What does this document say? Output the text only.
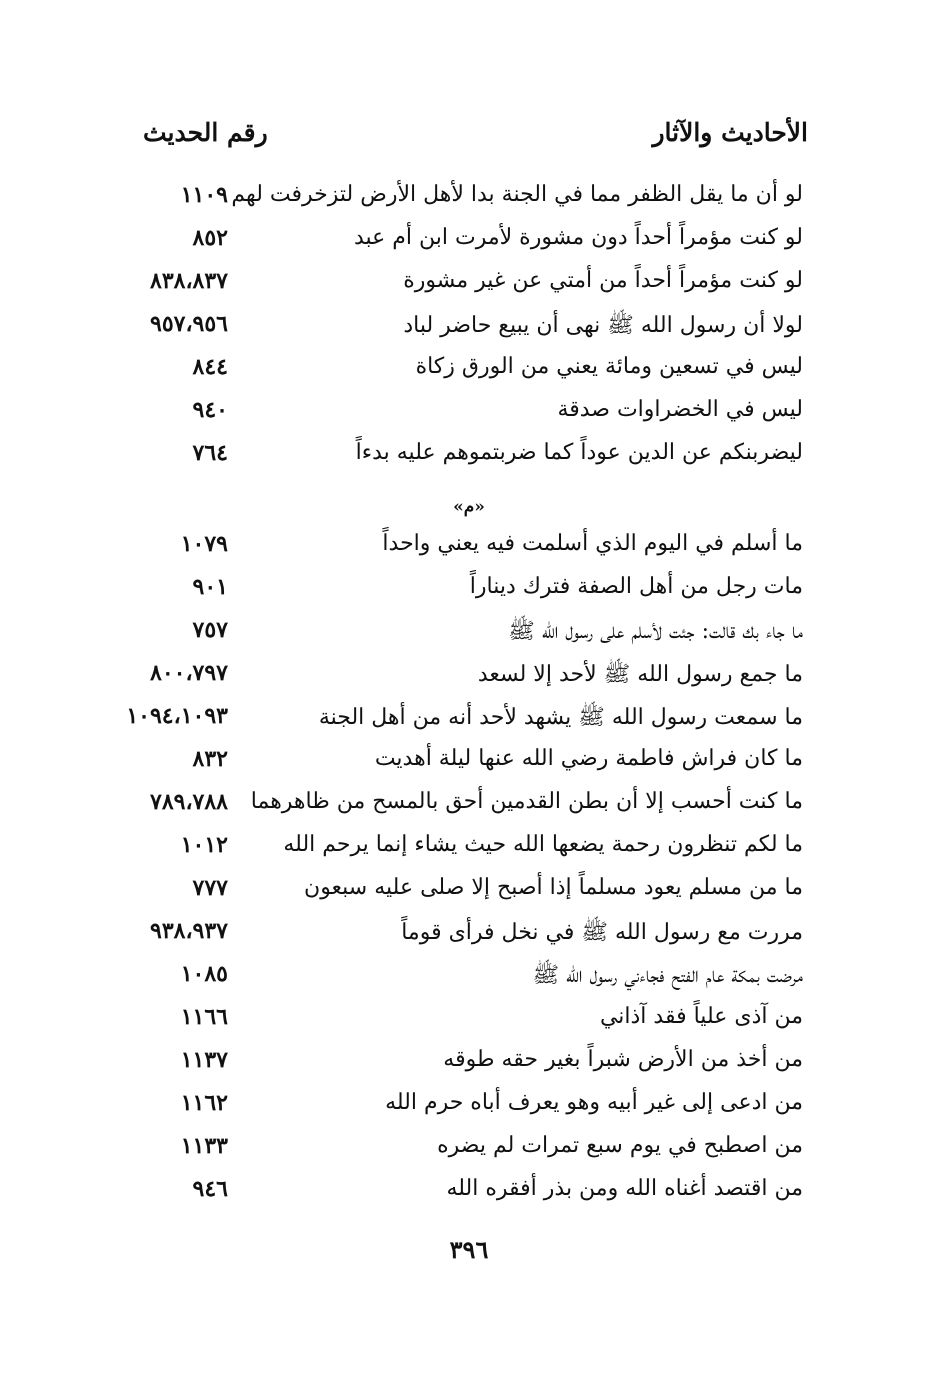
الأحاديث والآثار
رقم الحديث
لو أن ما يقل الظفر مما في الجنة بدا لأهل الأرض لتزخرفت لهم
١١٠٩
لو كنت مؤمراً أحداً دون مشورة لأمرت ابن أم عبد
٨٥٢
لو كنت مؤمراً أحداً من أمتي عن غير مشورة
٨٣٨،٨٣٧
لولا أن رسول الله ﷺ نهى أن يبيع حاضر لباد
٩٥٧،٩٥٦
ليس في تسعين ومائة يعني من الورق زكاة
٨٤٤
ليس في الخضراوات صدقة
٩٤٠
ليضربنكم عن الدين عوداً كما ضربتموهم عليه بدءاً
٧٦٤
«م»
ما أسلم في اليوم الذي أسلمت فيه يعني واحداً
١٠٧٩
مات رجل من أهل الصفة فترك ديناراً
٩٠١
ما جاء بك قالت: جئت لأسلم على رسول الله ﷺ
٧٥٧
ما جمع رسول الله ﷺ لأحد إلا لسعد
٨٠٠،٧٩٧
ما سمعت رسول الله ﷺ يشهد لأحد أنه من أهل الجنة
١٠٩٤،١٠٩٣
ما كان فراش فاطمة رضي الله عنها ليلة أهديت
٨٣٢
ما كنت أحسب إلا أن بطن القدمين أحق بالمسح من ظاهرهما
٧٨٩،٧٨٨
ما لكم تنظرون رحمة يضعها الله حيث يشاء إنما يرحم الله
١٠١٢
ما من مسلم يعود مسلماً إذا أصبح إلا صلى عليه سبعون
٧٧٧
مررت مع رسول الله ﷺ في نخل فرأى قوماً
٩٣٨،٩٣٧
مرضت بمكة عام الفتح فجاءني رسول الله ﷺ
١٠٨٥
من آذى علياً فقد آذاني
١١٦٦
من أخذ من الأرض شبراً بغير حقه طوقه
١١٣٧
من ادعى إلى غير أبيه وهو يعرف أباه حرم الله
١١٦٢
من اصطبح في يوم سبع تمرات لم يضره
١١٣٣
من اقتصد أغناه الله ومن بذر أفقره الله
٩٤٦
٣٩٦
